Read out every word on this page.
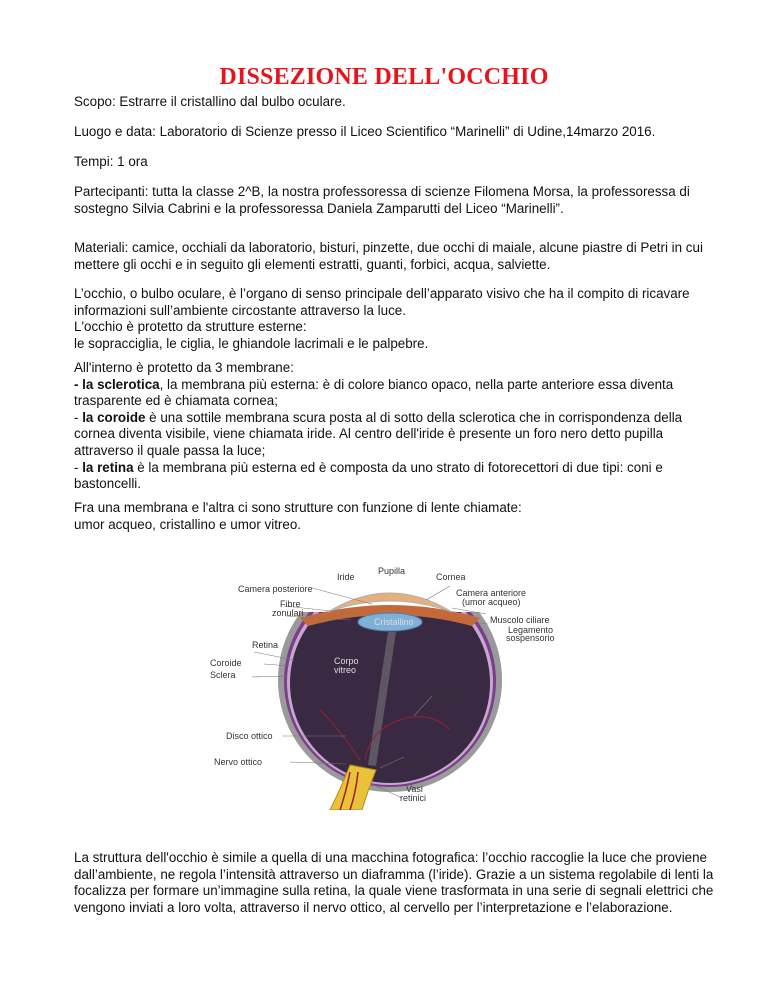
DISSEZIONE DELL'OCCHIO

Scopo: Estrarre il cristallino dal bulbo oculare.

Luogo e data: Laboratorio di Scienze presso il Liceo Scientifico “Marinelli” di Udine,14marzo 2016.

Tempi: 1 ora

Partecipanti: tutta la classe 2^B, la nostra professoressa di scienze Filomena Morsa, la professoressa di sostegno Silvia Cabrini e la professoressa Daniela Zamparutti del Liceo “Marinelli”.

Materiali: camice, occhiali da laboratorio, bisturi, pinzette, due occhi di maiale, alcune piastre di Petri in cui mettere gli occhi e in seguito gli elementi estratti, guanti, forbici, acqua, salviette.

L’occhio, o bulbo oculare, è l’organo di senso principale dell’apparato visivo che ha il compito di ricavare informazioni sull’ambiente circostante attraverso la luce.
L'occhio è protetto da strutture esterne:
le sopracciglia, le ciglia, le ghiandole lacrimali e le palpebre.
All'interno è protetto da 3 membrane:
- la sclerotica, la membrana più esterna: è di colore bianco opaco, nella parte anteriore essa diventa trasparente ed è chiamata cornea;
- la coroide è una sottile membrana scura posta al di sotto della sclerotica che in corrispondenza della cornea diventa visibile, viene chiamata iride. Al centro dell'iride è presente un foro nero detto pupilla attraverso il quale passa la luce;
- la retina è la membrana più esterna ed è composta da uno strato di fotorecettori di due tipi: coni e bastoncelli.
Fra una membrana e l'altra ci sono strutture con funzione di lente chiamate:
umor acqueo, cristallino e umor vitreo.
Pupilla
Iride	Cornea
Camera posteriore	Camera anteriore
(umor acqueo)
Fibre
zonulari
Cristallino	Muscolo ciliare
Legamento
sospensorio
Retina
Coroide
Sclera
Corpo
vitreo
Canale
ialoideo
Disco ottico
Nervo ottico	Fovea
Vasi
retinici

La struttura dell'occhio è simile a quella di una macchina fotografica: l’occhio raccoglie la luce che proviene dall’ambiente, ne regola l’intensità attraverso un diaframma (l’iride). Grazie a un sistema regolabile di lenti la focalizza per formare un’immagine sulla retina, la quale viene trasformata in una serie di segnali elettrici che vengono inviati a loro volta, attraverso il nervo ottico, al cervello per l’interpretazione e l’elaborazione.
